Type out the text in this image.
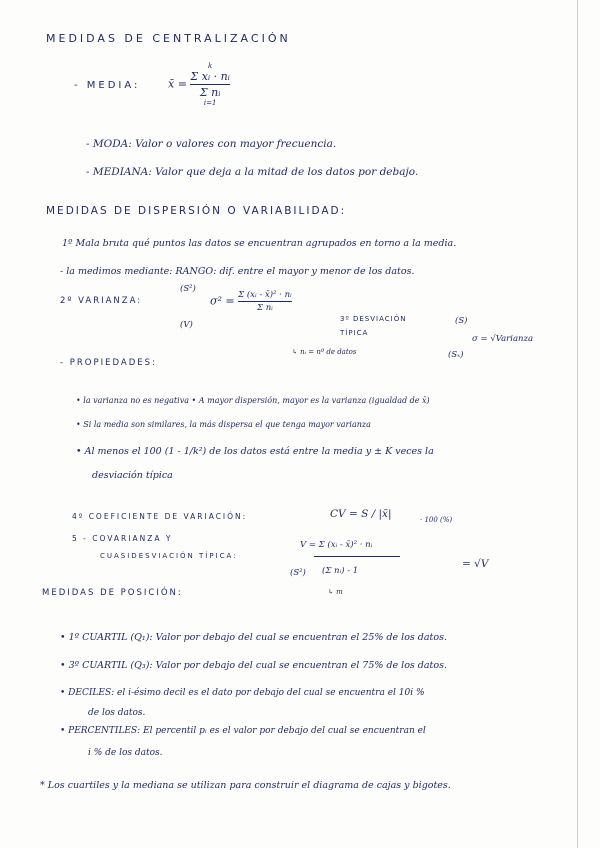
MEDIDAS DE CENTRALIZACIÓN
- MEDIA:	x̄ =
k
Σ xᵢ · nᵢ
Σ nᵢ
i=1
- MODA: Valor o valores con mayor frecuencia.
- MEDIANA: Valor que deja a la mitad de los datos por debajo.
MEDIDAS DE DISPERSIÓN O VARIABILIDAD:
1º Mala bruta qué puntos las datos se encuentran agrupados en torno a la media.
- la medimos mediante: RANGO: dif. entre el mayor y menor de los datos.
2º VARIANZA:
(S²)
(V)
$\sigma^2 = \frac{\text{Σ (xᵢ - x̄)² · nᵢ}}{\text{Σ nᵢ}}$
↳ nᵢ = nº de datos
3º DESVIACIÓN TÍPICA
(S)
(Sₓ)
σ = √Varianza
- PROPIEDADES:
• la varianza no es negativa • A mayor dispersión, mayor es la varianza (igualdad de x̄)
• Si la media son similares, la más dispersa el que tenga mayor varianza
• Al menos el 100 (1 - 1/k²) de los datos está entre la media y ± K veces la
desviación típica
4º COEFICIENTE DE VARIACIÓN:	CV = S / |x̄|	· 100 (%)
5 - COVARIANZA Y
CUASIDESVIACIÓN TÍPICA:
V = Σ (xᵢ - x̄)² · nᵢ
(Σ nᵢ) - 1
↳ m
(S²)
= √V
MEDIDAS DE POSICIÓN:
• 1º CUARTIL (Q₁): Valor por debajo del cual se encuentran el 25% de los datos.
• 3º CUARTIL (Q₃): Valor por debajo del cual se encuentran el 75% de los datos.
• DECILES: el i-ésimo decil es el dato por debajo del cual se encuentra el 10i %
de los datos.
• PERCENTILES: El percentil pᵢ es el valor por debajo del cual se encuentran el
i % de los datos.
* Los cuartiles y la mediana se utilizan para construir el diagrama de cajas y bigotes.
